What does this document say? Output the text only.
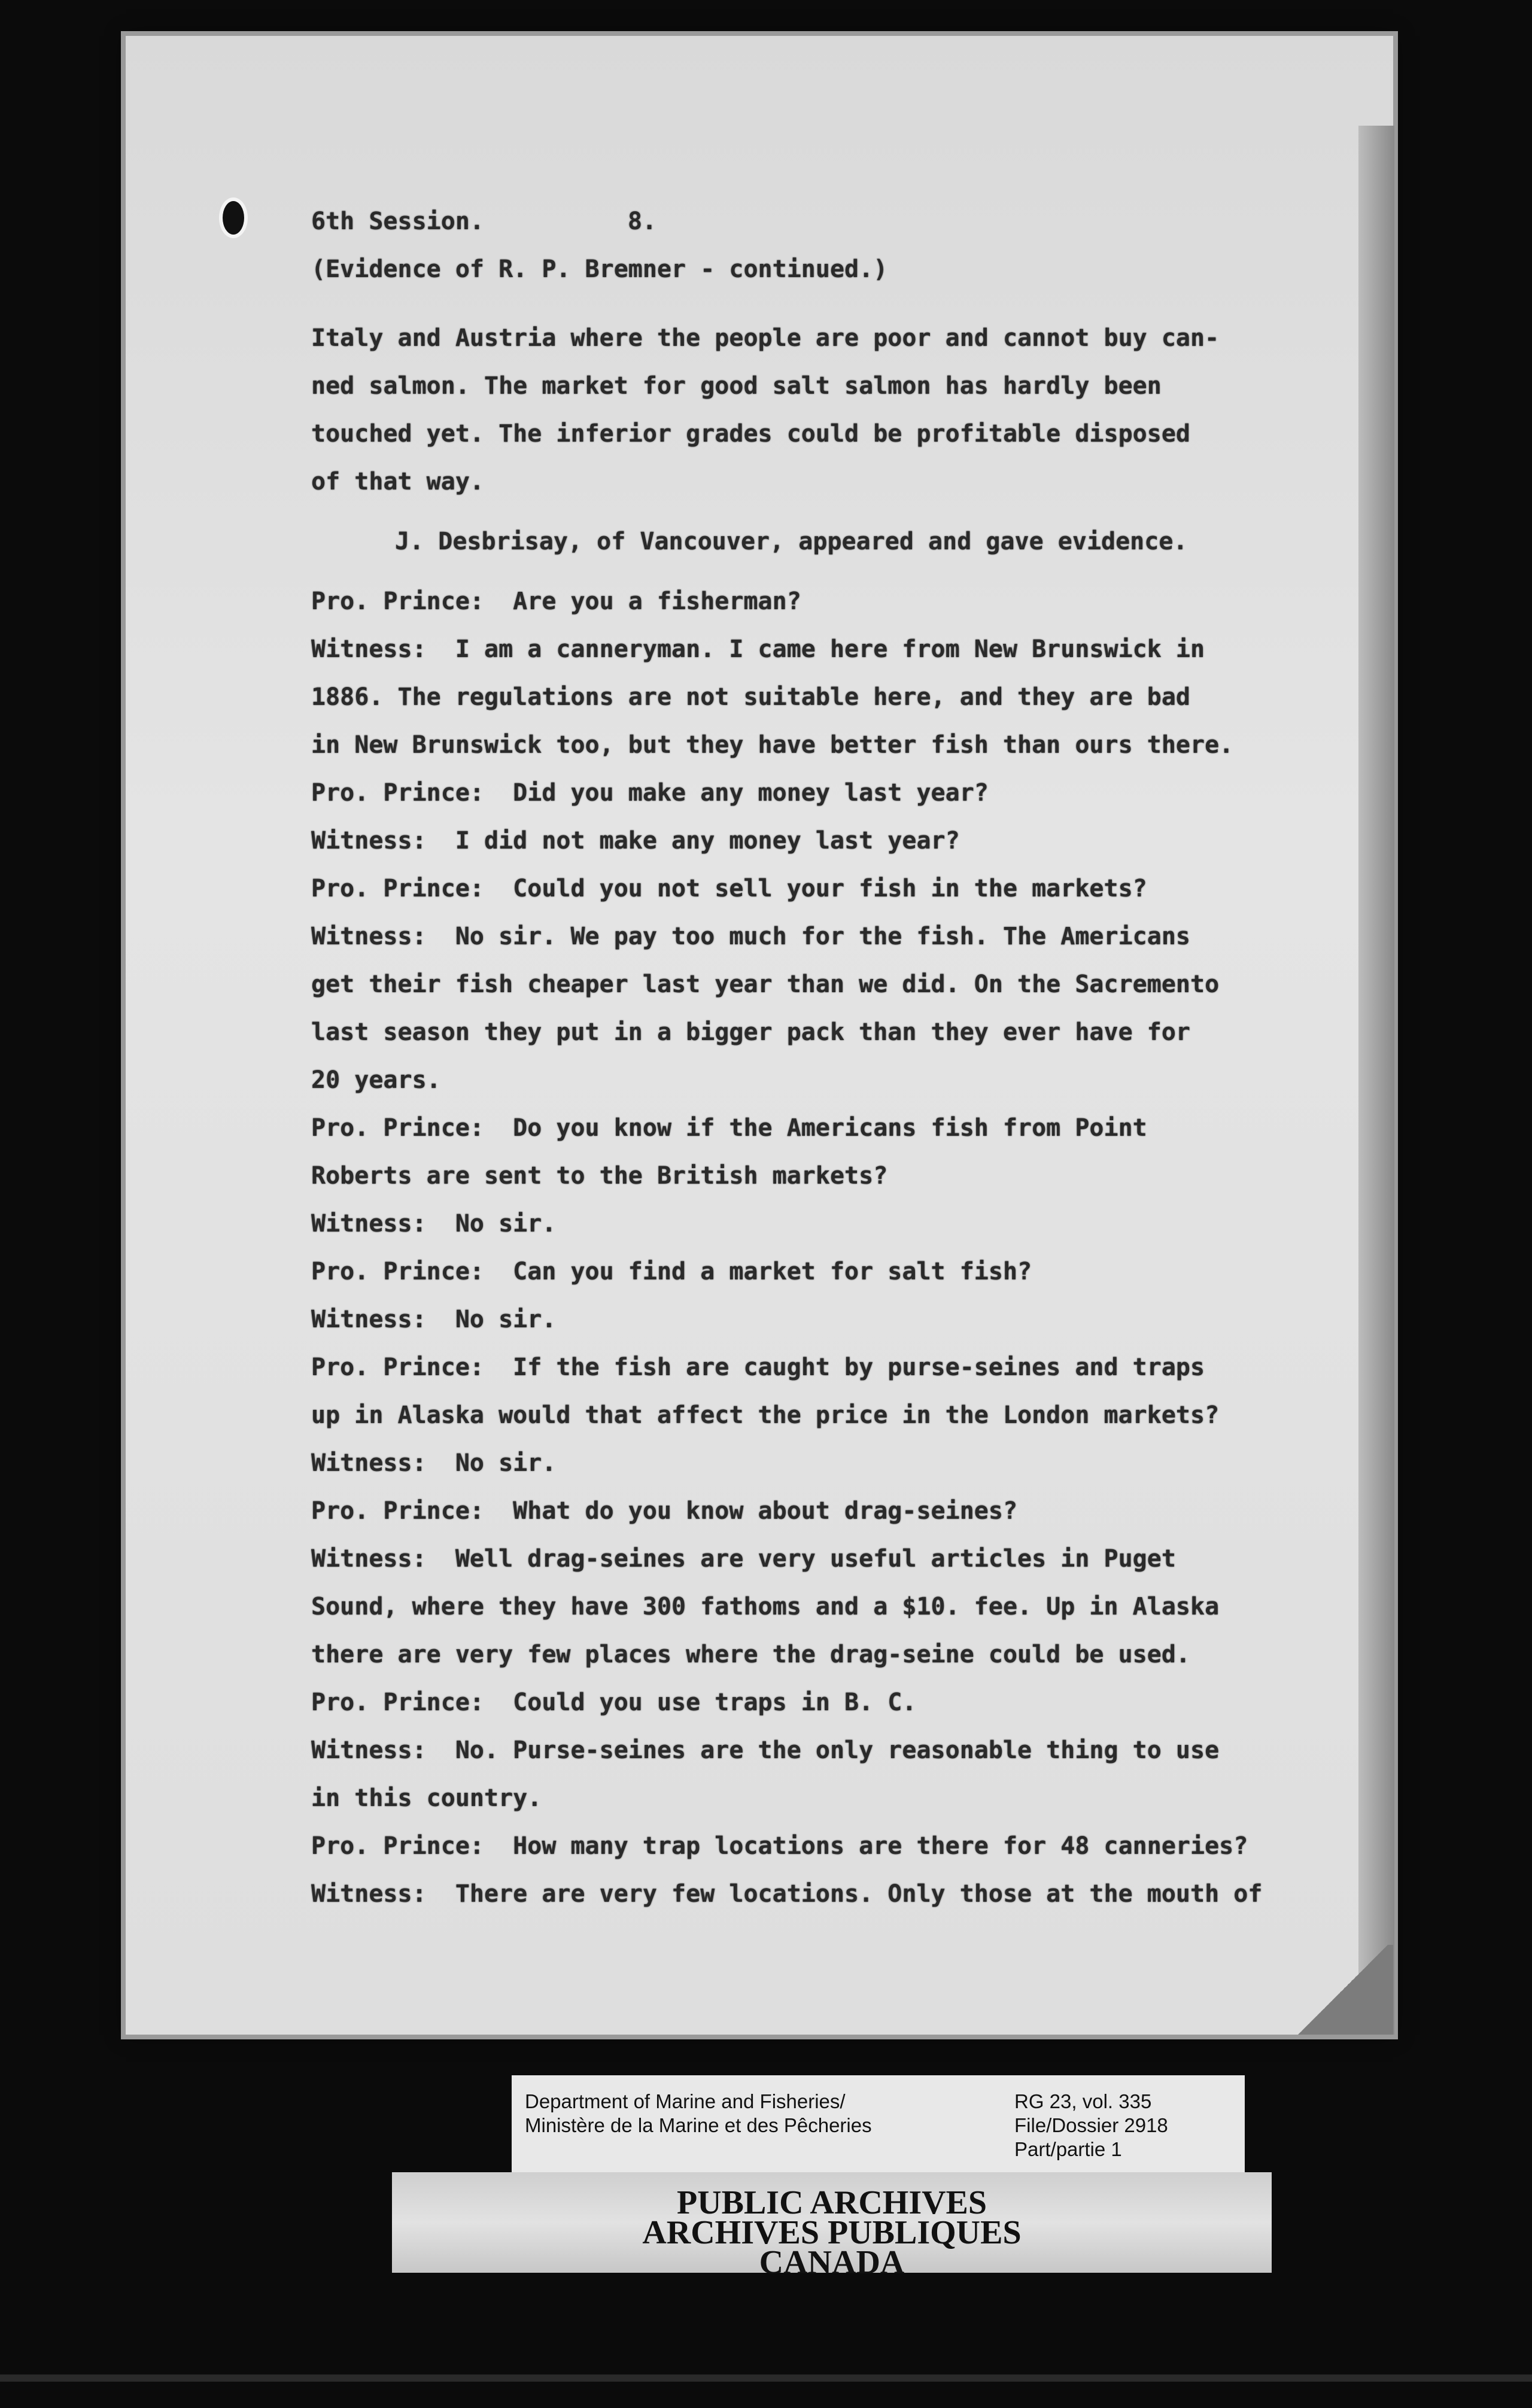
6th Session.	8.
(Evidence of R. P. Bremner - continued.)
Italy and Austria where the people are poor and cannot buy can-
ned salmon. The market for good salt salmon has hardly been
touched yet. The inferior grades could be profitable disposed
of that way.
J. Desbrisay, of Vancouver, appeared and gave evidence.
Pro. Prince:  Are you a fisherman?
Witness:  I am a canneryman. I came here from New Brunswick in
1886. The regulations are not suitable here, and they are bad
in New Brunswick too, but they have better fish than ours there.
Pro. Prince:  Did you make any money last year?
Witness:  I did not make any money last year?
Pro. Prince:  Could you not sell your fish in the markets?
Witness:  No sir. We pay too much for the fish. The Americans
get their fish cheaper last year than we did. On the Sacremento
last season they put in a bigger pack than they ever have for
20 years.
Pro. Prince:  Do you know if the Americans fish from Point
Roberts are sent to the British markets?
Witness:  No sir.
Pro. Prince:  Can you find a market for salt fish?
Witness:  No sir.
Pro. Prince:  If the fish are caught by purse-seines and traps
up in Alaska would that affect the price in the London markets?
Witness:  No sir.
Pro. Prince:  What do you know about drag-seines?
Witness:  Well drag-seines are very useful articles in Puget
Sound, where they have 300 fathoms and a $10. fee. Up in Alaska
there are very few places where the drag-seine could be used.
Pro. Prince:  Could you use traps in B. C.
Witness:  No. Purse-seines are the only reasonable thing to use
in this country.
Pro. Prince:  How many trap locations are there for 48 canneries?
Witness:  There are very few locations. Only those at the mouth of
Department of Marine and Fisheries/
Ministère de la Marine et des Pêcheries
RG 23, vol. 335
File/Dossier 2918
Part/partie 1
PUBLIC ARCHIVES
ARCHIVES PUBLIQUES
CANADA
